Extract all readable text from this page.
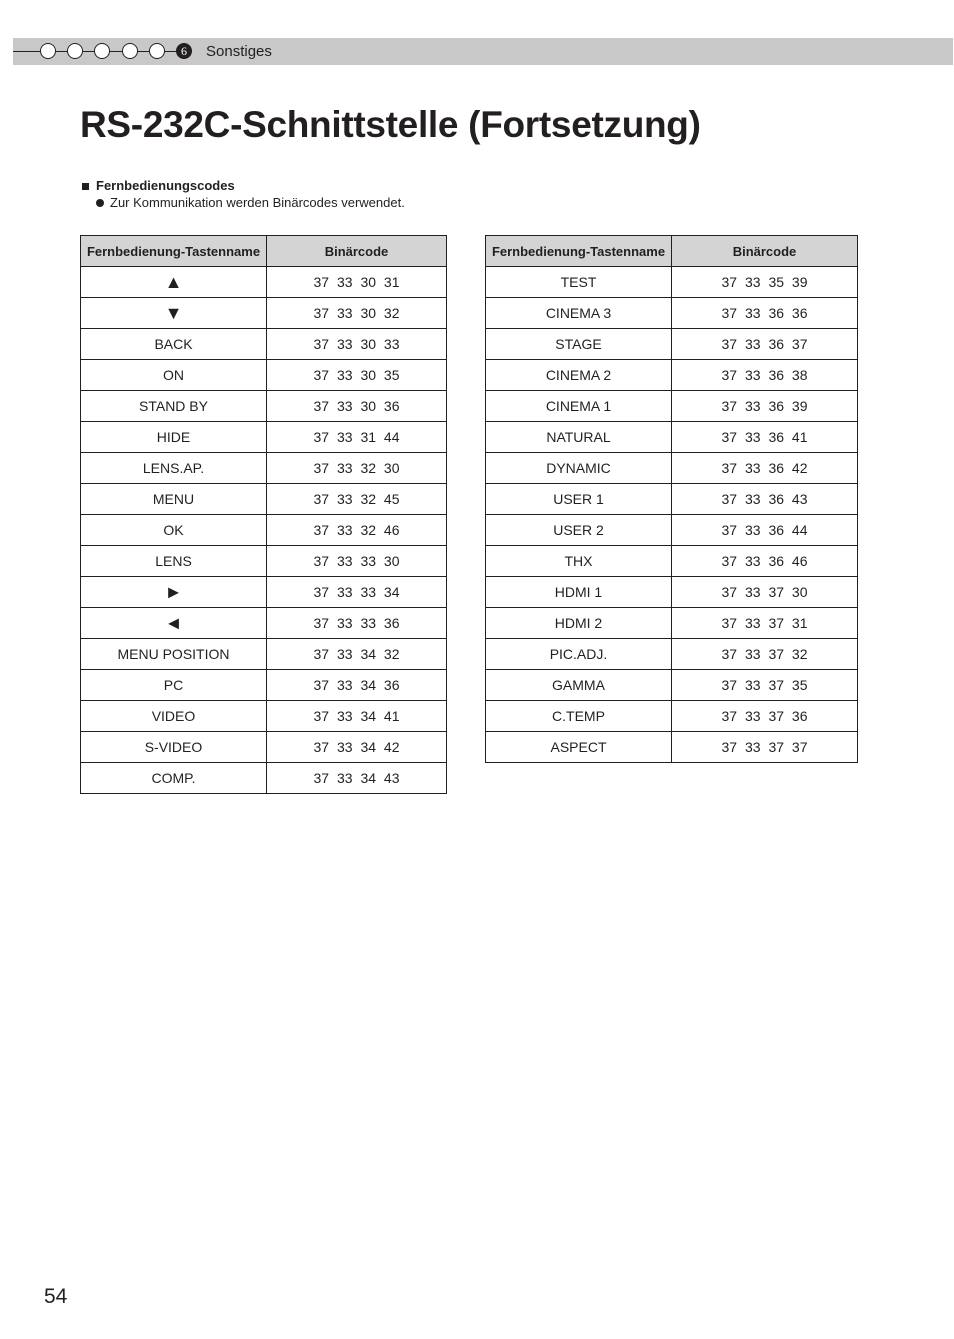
6	Sonstiges
RS-232C-Schnittstelle (Fortsetzung)
Fernbedienungscodes
Zur Kommunikation werden Binärcodes verwendet.
Fernbedienung-Tastenname	Binärcode
▲	37 33 30 31
▼	37 33 30 32
BACK	37 33 30 33
ON	37 33 30 35
STAND BY	37 33 30 36
HIDE	37 33 31 44
LENS.AP.	37 33 32 30
MENU	37 33 32 45
OK	37 33 32 46
LENS	37 33 33 30
►	37 33 33 34
◄	37 33 33 36
MENU POSITION	37 33 34 32
PC	37 33 34 36
VIDEO	37 33 34 41
S-VIDEO	37 33 34 42
COMP.	37 33 34 43
Fernbedienung-Tastenname	Binärcode
TEST	37 33 35 39
CINEMA 3	37 33 36 36
STAGE	37 33 36 37
CINEMA 2	37 33 36 38
CINEMA 1	37 33 36 39
NATURAL	37 33 36 41
DYNAMIC	37 33 36 42
USER 1	37 33 36 43
USER 2	37 33 36 44
THX	37 33 36 46
HDMI 1	37 33 37 30
HDMI 2	37 33 37 31
PIC.ADJ.	37 33 37 32
GAMMA	37 33 37 35
C.TEMP	37 33 37 36
ASPECT	37 33 37 37
54
